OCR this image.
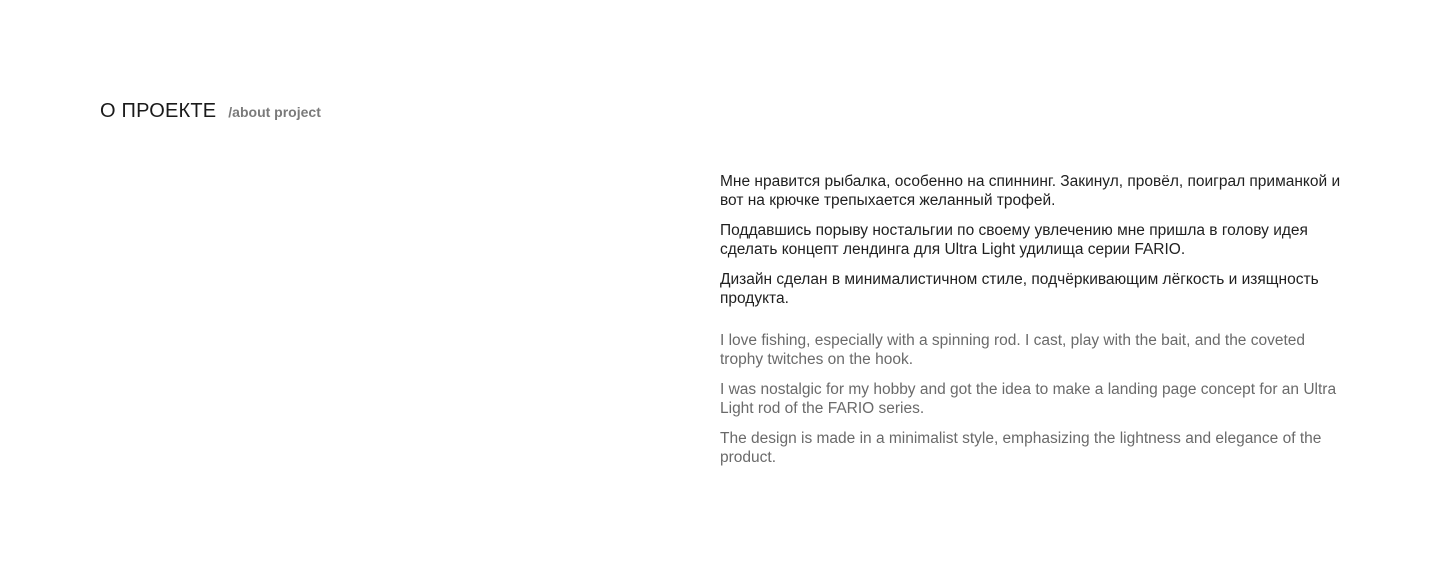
О ПРОЕКТЕ /about project

Мне нравится рыбалка, особенно на спиннинг. Закинул, провёл, поиграл приманкой и вот на крючке трепыхается желанный трофей.

Поддавшись порыву ностальгии по своему увлечению мне пришла в голову идея сделать концепт лендинга для Ultra Light удилища серии FARIO.

Дизайн сделан в минималистичном стиле, подчёркивающим лёгкость и изящность продукта.

I love fishing, especially with a spinning rod. I cast, play with the bait, and the coveted trophy twitches on the hook.

I was nostalgic for my hobby and got the idea to make a landing page concept for an Ultra Light rod of the FARIO series.

The design is made in a minimalist style, emphasizing the lightness and elegance of the product.
